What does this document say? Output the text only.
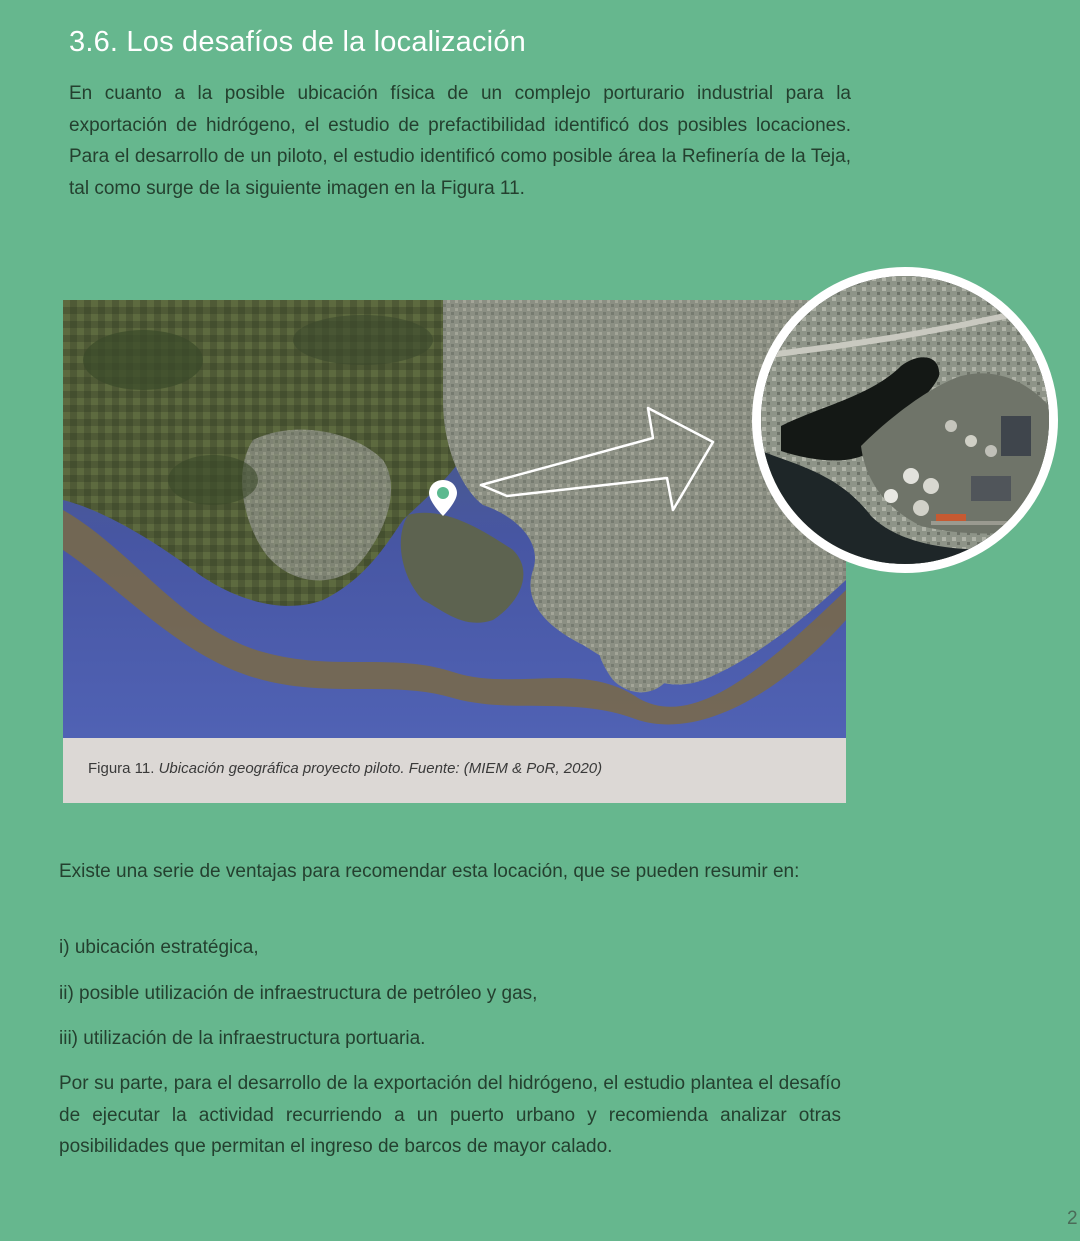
3.6. Los desafíos de la localización

En cuanto a la posible ubicación física de un complejo porturario industrial para la exportación de hidrógeno, el estudio de prefactibilidad identificó dos posibles locaciones. Para el desarrollo de un piloto, el estudio identificó como posible área la Refinería de la Teja, tal como surge de la siguiente imagen en la Figura 11.

Figura 11. Ubicación geográfica proyecto piloto. Fuente: (MIEM & PoR, 2020)

Existe una serie de ventajas para recomendar esta locación, que se pueden resumir en:

i) ubicación estratégica,

ii) posible utilización de infraestructura de petróleo y gas,

iii) utilización de la infraestructura portuaria.

Por su parte, para el desarrollo de la exportación del hidrógeno, el estudio plantea el desafío de ejecutar la actividad recurriendo a un puerto urbano y recomienda analizar otras posibilidades que permitan el ingreso de barcos de mayor calado.

2
